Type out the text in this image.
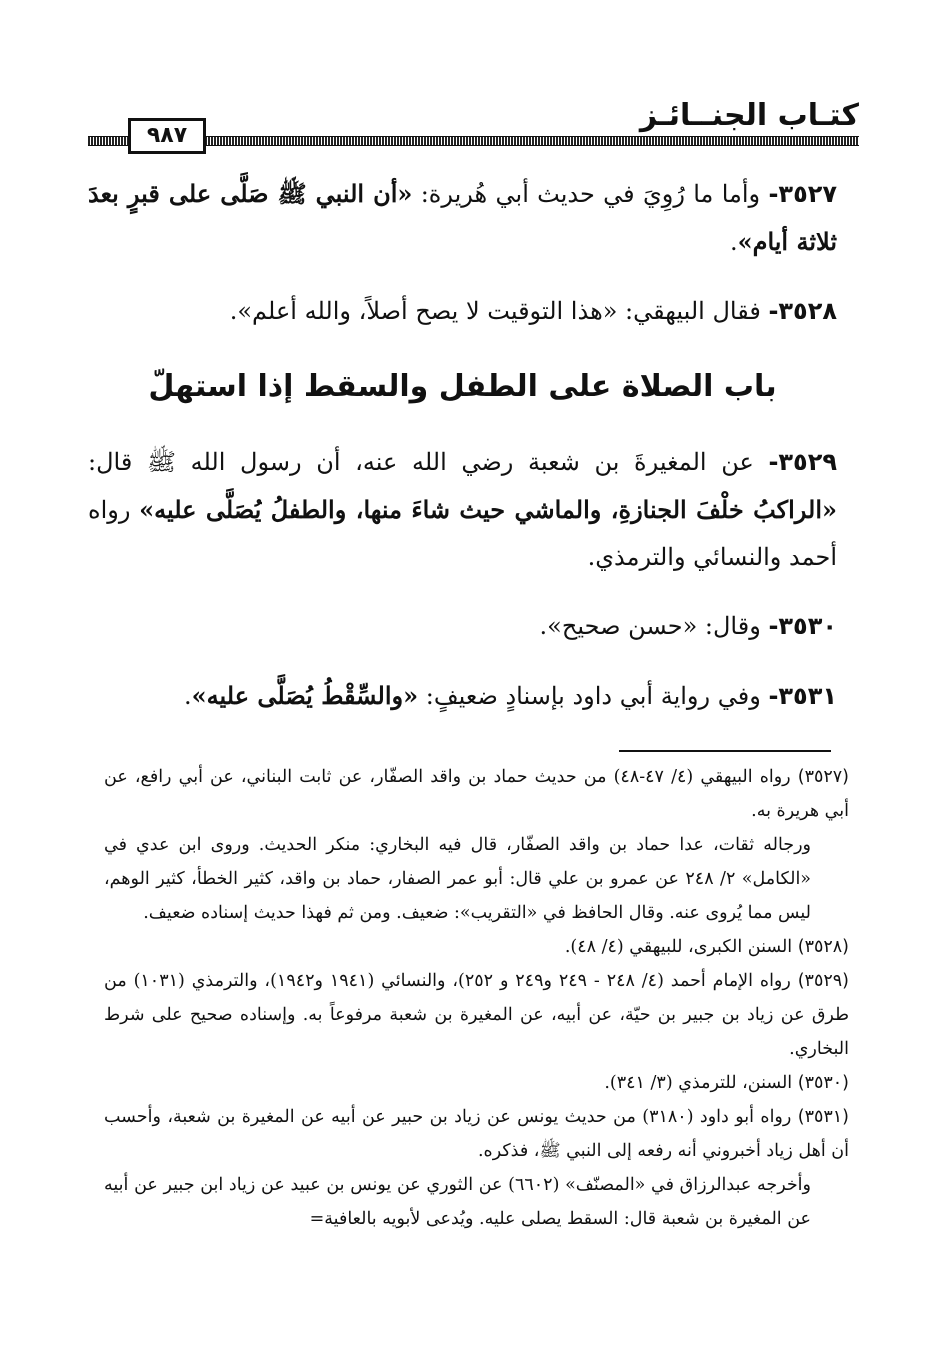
كتـاب الجنــائـز
٩٨٧

٣٥٢٧- وأما ما رُوِيَ في حديث أبي هُريرة: «أن النبي ﷺ صَلَّى على قبرٍ بعدَ ثلاثة أيام».

٣٥٢٨- فقال البيهقي: «هذا التوقيت لا يصح أصلاً، والله أعلم».

باب الصلاة على الطفل والسقط إذا استهلّ

٣٥٢٩- عن المغيرةَ بن شعبة رضي الله عنه، أن رسول الله ﷺ قال: «الراكبُ خلْفَ الجنازةِ، والماشي حيث شاءَ منها، والطفلُ يُصَلَّى عليه» رواه أحمد والنسائي والترمذي.

٣٥٣٠- وقال: «حسن صحيح».

٣٥٣١- وفي رواية أبي داود بإسنادٍ ضعيفٍ: «والسِّقْطُ يُصَلَّى عليه».

(٣٥٢٧) رواه البيهقي (٤/ ٤٧-٤٨) من حديث حماد بن واقد الصفّار، عن ثابت البناني، عن أبي رافع، عن أبي هريرة به.

ورجاله ثقات، عدا حماد بن واقد الصفّار، قال فيه البخاري: منكر الحديث. وروى ابن عدي في «الكامل» ٢/ ٢٤٨ عن عمرو بن علي قال: أبو عمر الصفار، حماد بن واقد، كثير الخطأ، كثير الوهم، ليس مما يُروى عنه. وقال الحافظ في «التقريب»: ضعيف. ومن ثم فهذا حديث إسناده ضعيف.

(٣٥٢٨) السنن الكبرى، للبيهقي (٤/ ٤٨).

(٣٥٢٩) رواه الإمام أحمد (٤/ ٢٤٨ - ٢٤٩ و٢٤٩ و ٢٥٢)، والنسائي (١٩٤١ و١٩٤٢)، والترمذي (١٠٣١) من طرق عن زياد بن جبير بن حيّة، عن أبيه، عن المغيرة بن شعبة مرفوعاً به. وإسناده صحيح على شرط البخاري.

(٣٥٣٠) السنن، للترمذي (٣/ ٣٤١).

(٣٥٣١) رواه أبو داود (٣١٨٠) من حديث يونس عن زياد بن حبير عن أبيه عن المغيرة بن شعبة، وأحسب أن أهل زياد أخبروني أنه رفعه إلى النبي ﷺ، فذكره.

وأخرجه عبدالرزاق في «المصنّف» (٦٦٠٢) عن الثوري عن يونس بن عبيد عن زياد ابن جبير عن أبيه عن المغيرة بن شعبة قال: السقط يصلى عليه. ويُدعى لأبويه بالعافية=
